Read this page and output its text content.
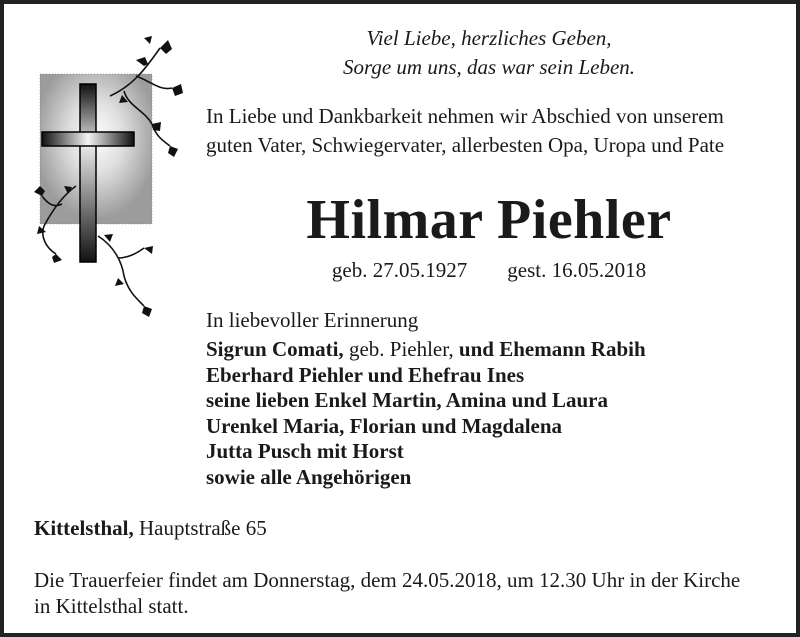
Viel Liebe, herzliches Geben,
Sorge um uns, das war sein Leben.
In Liebe und Dankbarkeit nehmen wir Abschied von unserem
guten Vater, Schwiegervater, allerbesten Opa, Uropa und Pate
Hilmar Piehler
geb. 27.05.1927 gest. 16.05.2018
In liebevoller Erinnerung
Sigrun Comati, geb. Piehler, und Ehemann Rabih
Eberhard Piehler und Ehefrau Ines
seine lieben Enkel Martin, Amina und Laura
Urenkel Maria, Florian und Magdalena
Jutta Pusch mit Horst
sowie alle Angehörigen
Kittelsthal, Hauptstraße 65
Die Trauerfeier findet am Donnerstag, dem 24.05.2018, um 12.30 Uhr in der Kirche
in Kittelsthal statt.
